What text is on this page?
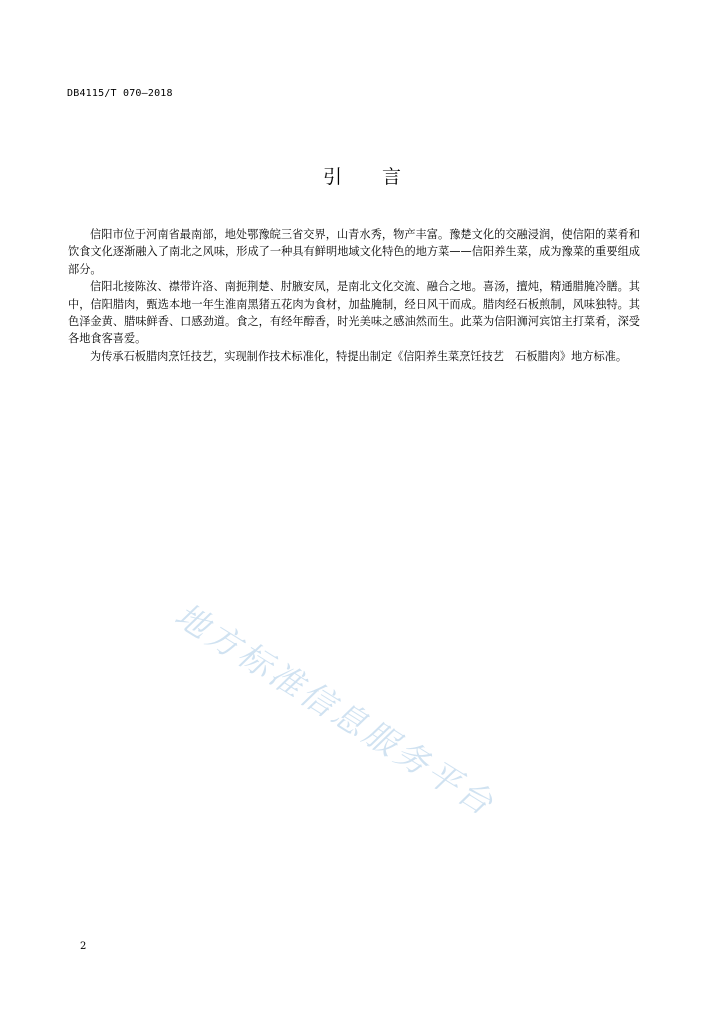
DB4115/T 070—2018
引 言

信阳市位于河南省最南部，地处鄂豫皖三省交界，山青水秀，物产丰富。豫楚文化的交融浸润，使信阳的菜肴和饮食文化逐渐融入了南北之风味，形成了一种具有鲜明地域文化特色的地方菜——信阳养生菜，成为豫菜的重要组成部分。

信阳北接陈汝、襟带许洛、南扼荆楚、肘腋安凤，是南北文化交流、融合之地。喜汤，擅炖，精通腊腌冷膳。其中，信阳腊肉，甄选本地一年生淮南黑猪五花肉为食材，加盐腌制，经日风干而成。腊肉经石板煎制，风味独特。其色泽金黄、腊味鲜香、口感劲道。食之，有经年醇香，时光美味之感油然而生。此菜为信阳浉河宾馆主打菜肴，深受各地食客喜爱。

为传承石板腊肉烹饪技艺，实现制作技术标准化，特提出制定《信阳养生菜烹饪技艺　石板腊肉》地方标准。

地方标准信息服务平台
2
